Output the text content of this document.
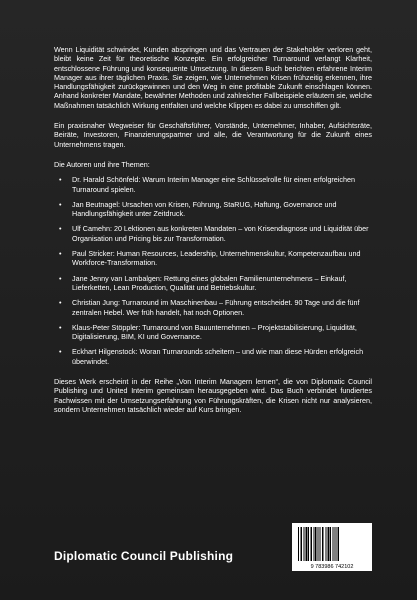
Wenn Liquidität schwindet, Kunden abspringen und das Vertrauen der Stakeholder verloren geht, bleibt keine Zeit für theoretische Konzepte. Ein erfolgreicher Turnaround verlangt Klarheit, entschlossene Führung und konsequente Umsetzung. In diesem Buch berichten erfahrene Interim Manager aus ihrer täglichen Praxis. Sie zeigen, wie Unternehmen Krisen frühzeitig erkennen, ihre Handlungsfähigkeit zurückgewinnen und den Weg in eine profitable Zukunft einschlagen können. Anhand konkreter Mandate, bewährter Methoden und zahlreicher Fallbeispiele erläutern sie, welche Maßnahmen tatsächlich Wirkung entfalten und welche Klippen es dabei zu umschiffen gilt.

Ein praxisnaher Wegweiser für Geschäftsführer, Vorstände, Unternehmer, Inhaber, Aufsichtsräte, Beiräte, Investoren, Finanzierungspartner und alle, die Verantwortung für die Zukunft eines Unternehmens tragen.

Die Autoren und ihre Themen:

• Dr. Harald Schönfeld: Warum Interim Manager eine Schlüsselrolle für einen erfolgreichen Turnaround spielen.
• Jan Beutnagel: Ursachen von Krisen, Führung, StaRUG, Haftung, Governance und Handlungsfähigkeit unter Zeitdruck.
• Ulf Camehn: 20 Lektionen aus konkreten Mandaten – von Krisendiagnose und Liquidität über Organisation und Pricing bis zur Transformation.
• Paul Stricker: Human Resources, Leadership, Unternehmenskultur, Kompetenzaufbau und Workforce-Transformation.
• Jane Jenny van Lambalgen: Rettung eines globalen Familienunternehmens – Einkauf, Lieferketten, Lean Production, Qualität und Betriebskultur.
• Christian Jung: Turnaround im Maschinenbau – Führung entscheidet. 90 Tage und die fünf zentralen Hebel. Wer früh handelt, hat noch Optionen.
• Klaus-Peter Stöppler: Turnaround von Bauunternehmen – Projektstabilisierung, Liquidität, Digitalisierung, BIM, KI und Governance.
• Eckhart Hilgenstock: Woran Turnarounds scheitern – und wie man diese Hürden erfolgreich überwindet.

Dieses Werk erscheint in der Reihe „Von Interim Managern lernen“, die von Diplomatic Council Publishing und United Interim gemeinsam herausgegeben wird. Das Buch verbindet fundiertes Fachwissen mit der Umsetzungserfahrung von Führungskräften, die Krisen nicht nur analysieren, sondern Unternehmen tatsächlich wieder auf Kurs bringen.

Diplomatic Council Publishing
9 783986 742102
